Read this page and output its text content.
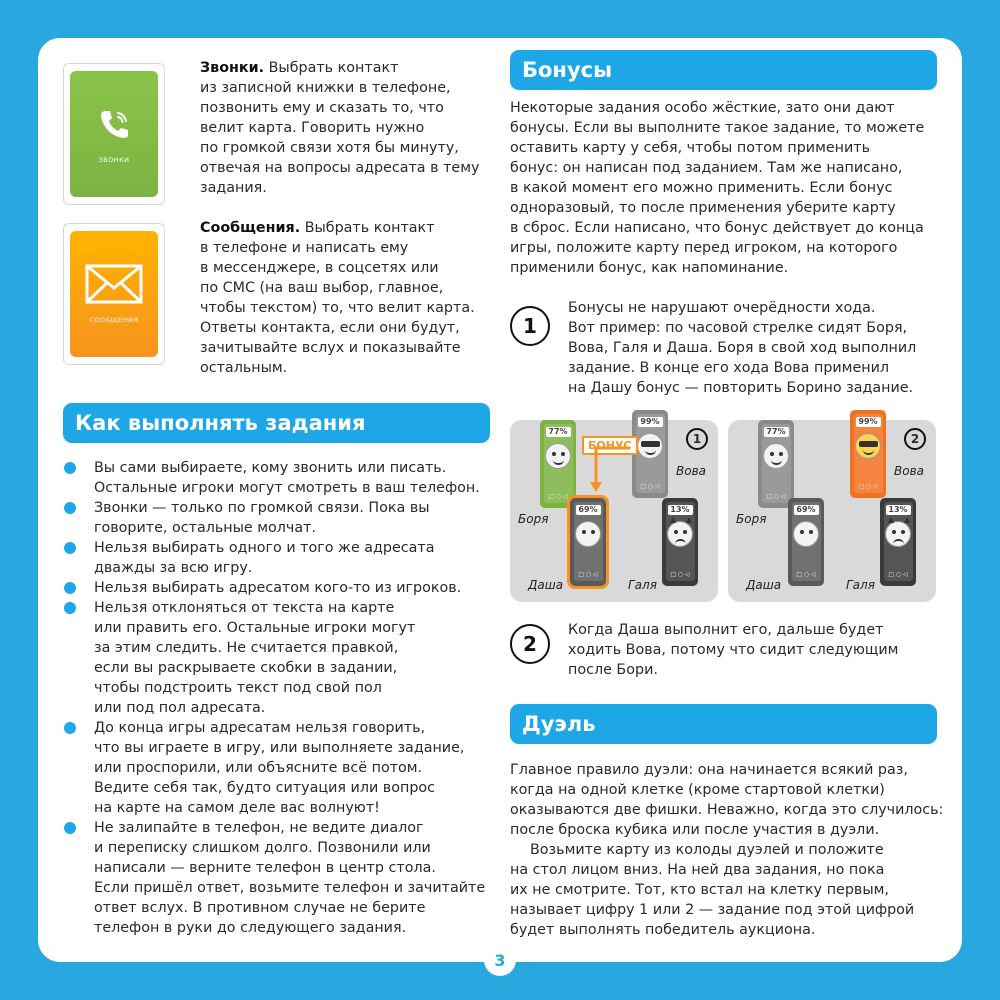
ЗВОНКИ
Звонки. Выбрать контакт
из записной книжки в телефоне,
позвонить ему и сказать то, что
велит карта. Говорить нужно
по громкой связи хотя бы минуту,
отвечая на вопросы адресата в тему
задания.
СООБЩЕНИЯ
Сообщения. Выбрать контакт
в телефоне и написать ему
в мессенджере, в соцсетях или
по СМС (на ваш выбор, главное,
чтобы текстом) то, что велит карта.
Ответы контакта, если они будут,
зачитывайте вслух и показывайте
остальным.
Как выполнять задания
Вы сами выбираете, кому звонить или писать.
Остальные игроки могут смотреть в ваш телефон.
Звонки — только по громкой связи. Пока вы
говорите, остальные молчат.
Нельзя выбирать одного и того же адресата
дважды за всю игру.
Нельзя выбирать адресатом кого-то из игроков.
Нельзя отклоняться от текста на карте
или править его. Остальные игроки могут
за этим следить. Не считается правкой,
если вы раскрываете скобки в задании,
чтобы подстроить текст под свой пол
или под пол адресата.
До конца игры адресатам нельзя говорить,
что вы играете в игру, или выполняете задание,
или проспорили, или объясните всё потом.
Ведите себя так, будто ситуация или вопрос
на карте на самом деле вас волнуют!
Не залипайте в телефон, не ведите диалог
и переписку слишком долго. Позвонили или
написали — верните телефон в центр стола.
Если пришёл ответ, возьмите телефон и зачитайте
ответ вслух. В противном случае не берите
телефон в руки до следующего задания.
Бонусы
Некоторые задания особо жёсткие, зато они дают
бонусы. Если вы выполните такое задание, то можете
оставить карту у себя, чтобы потом применить
бонус: он написан под заданием. Там же написано,
в какой момент его можно применить. Если бонус
одноразовый, то после применения уберите карту
в сброс. Если написано, что бонус действует до конца
игры, положите карту перед игроком, на которого
применили бонус, как напоминание.
1
Бонусы не нарушают очерёдности хода.
Вот пример: по часовой стрелке сидят Боря,
Вова, Галя и Даша. Боря в свой ход выполнил
задание. В конце его хода Вова применил
на Дашу бонус — повторить Борино задание.
77%
□ ○ ◁
99%
□ ○ ◁
69%
□ ○ ◁
13%
□ ○ ◁
БОНУС	1
Вова
Боря
Даша	Галя
77%
□ ○ ◁
99%
□ ○ ◁
69%
□ ○ ◁
13%
□ ○ ◁
2
Вова
Боря
Даша	Галя
2
Когда Даша выполнит его, дальше будет
ходить Вова, потому что сидит следующим
после Бори.
Дуэль
Главное правило дуэли: она начинается всякий раз,
когда на одной клетке (кроме стартовой клетки)
оказываются две фишки. Неважно, когда это случилось:
после броска кубика или после участия в дуэли.
Возьмите карту из колоды дуэлей и положите
на стол лицом вниз. На ней два задания, но пока
их не смотрите. Тот, кто встал на клетку первым,
называет цифру 1 или 2 — задание под этой цифрой
будет выполнять победитель аукциона.
3
